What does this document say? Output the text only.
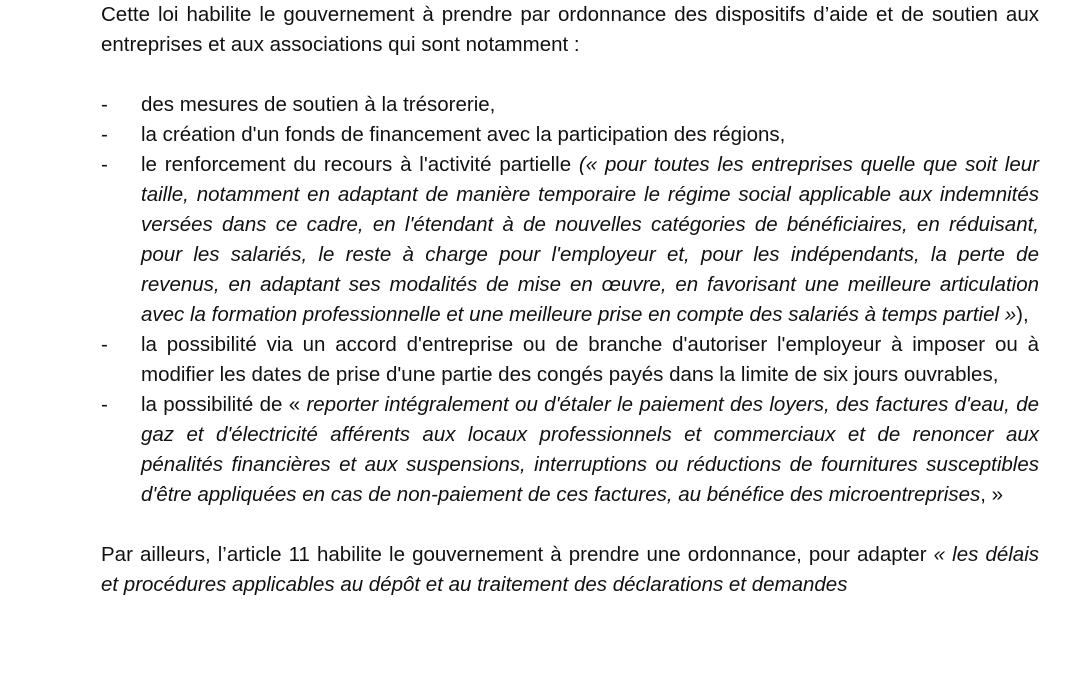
Cette loi habilite le gouvernement à prendre par ordonnance des dispositifs d’aide et de soutien aux entreprises et aux associations qui sont notamment :

- des mesures de soutien à la trésorerie,
- la création d'un fonds de financement avec la participation des régions,
- le renforcement du recours à l'activité partielle (« pour toutes les entreprises quelle que soit leur taille, notamment en adaptant de manière temporaire le régime social applicable aux indemnités versées dans ce cadre, en l'étendant à de nouvelles catégories de bénéficiaires, en réduisant, pour les salariés, le reste à charge pour l'employeur et, pour les indépendants, la perte de revenus, en adaptant ses modalités de mise en œuvre, en favorisant une meilleure articulation avec la formation professionnelle et une meilleure prise en compte des salariés à temps partiel »),
- la possibilité via un accord d'entreprise ou de branche d'autoriser l'employeur à imposer ou à modifier les dates de prise d'une partie des congés payés dans la limite de six jours ouvrables,
- la possibilité de « reporter intégralement ou d'étaler le paiement des loyers, des factures d'eau, de gaz et d'électricité afférents aux locaux professionnels et commerciaux et de renoncer aux pénalités financières et aux suspensions, interruptions ou réductions de fournitures susceptibles d'être appliquées en cas de non-paiement de ces factures, au bénéfice des microentreprises, »

Par ailleurs, l’article 11 habilite le gouvernement à prendre une ordonnance, pour adapter « les délais et procédures applicables au dépôt et au traitement des déclarations et demandes
